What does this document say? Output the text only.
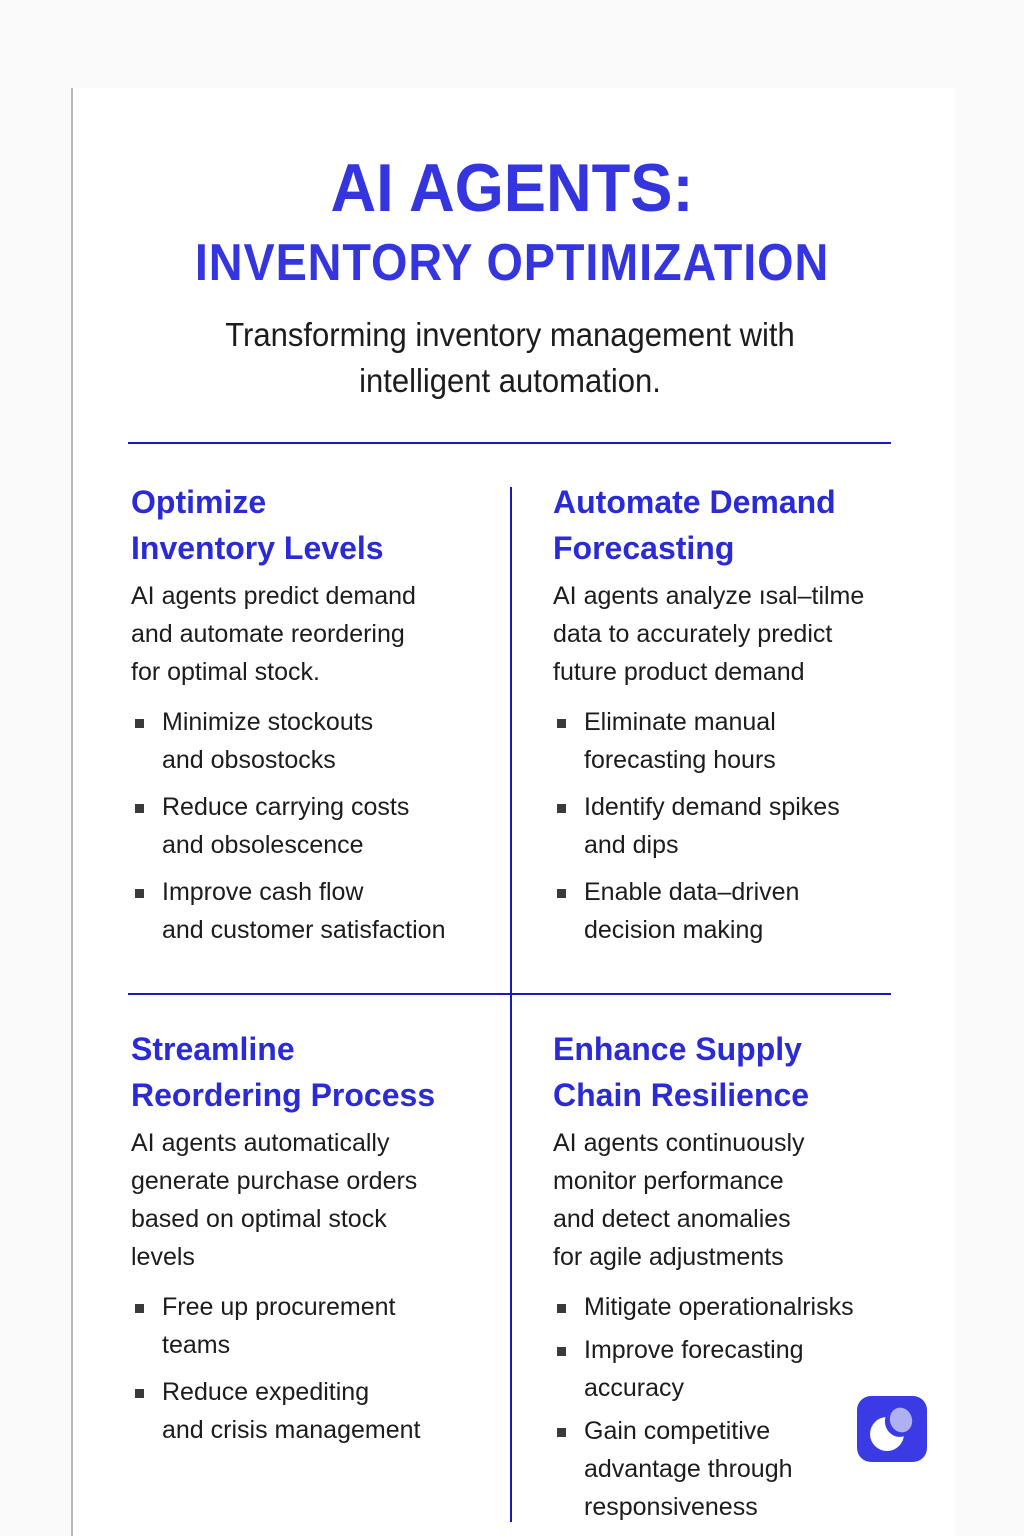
AI AGENTS:
INVENTORY OPTIMIZATION
Transforming inventory management with
intelligent automation.
Optimize
Inventory Levels
AI agents predict demand
and automate reordering
for optimal stock.
Minimize stockouts
and obsostocks
Reduce carrying costs
and obsolescence
Improve cash flow
and customer satisfaction
Automate Demand
Forecasting
AI agents analyze ısal–tilme
data to accurately predict
future product demand
Eliminate manual
forecasting hours
Identify demand spikes
and dips
Enable data–driven
decision making
Streamline
Reordering Process
AI agents automatically
generate purchase orders
based on optimal stock
levels
Free up procurement
teams
Reduce expediting
and crisis management
Enhance Supply
Chain Resilience
AI agents continuously
monitor performance
and detect anomalies
for agile adjustments
Mitigate operationalrisks
Improve forecasting
accuracy
Gain competitive
advantage through
responsiveness
